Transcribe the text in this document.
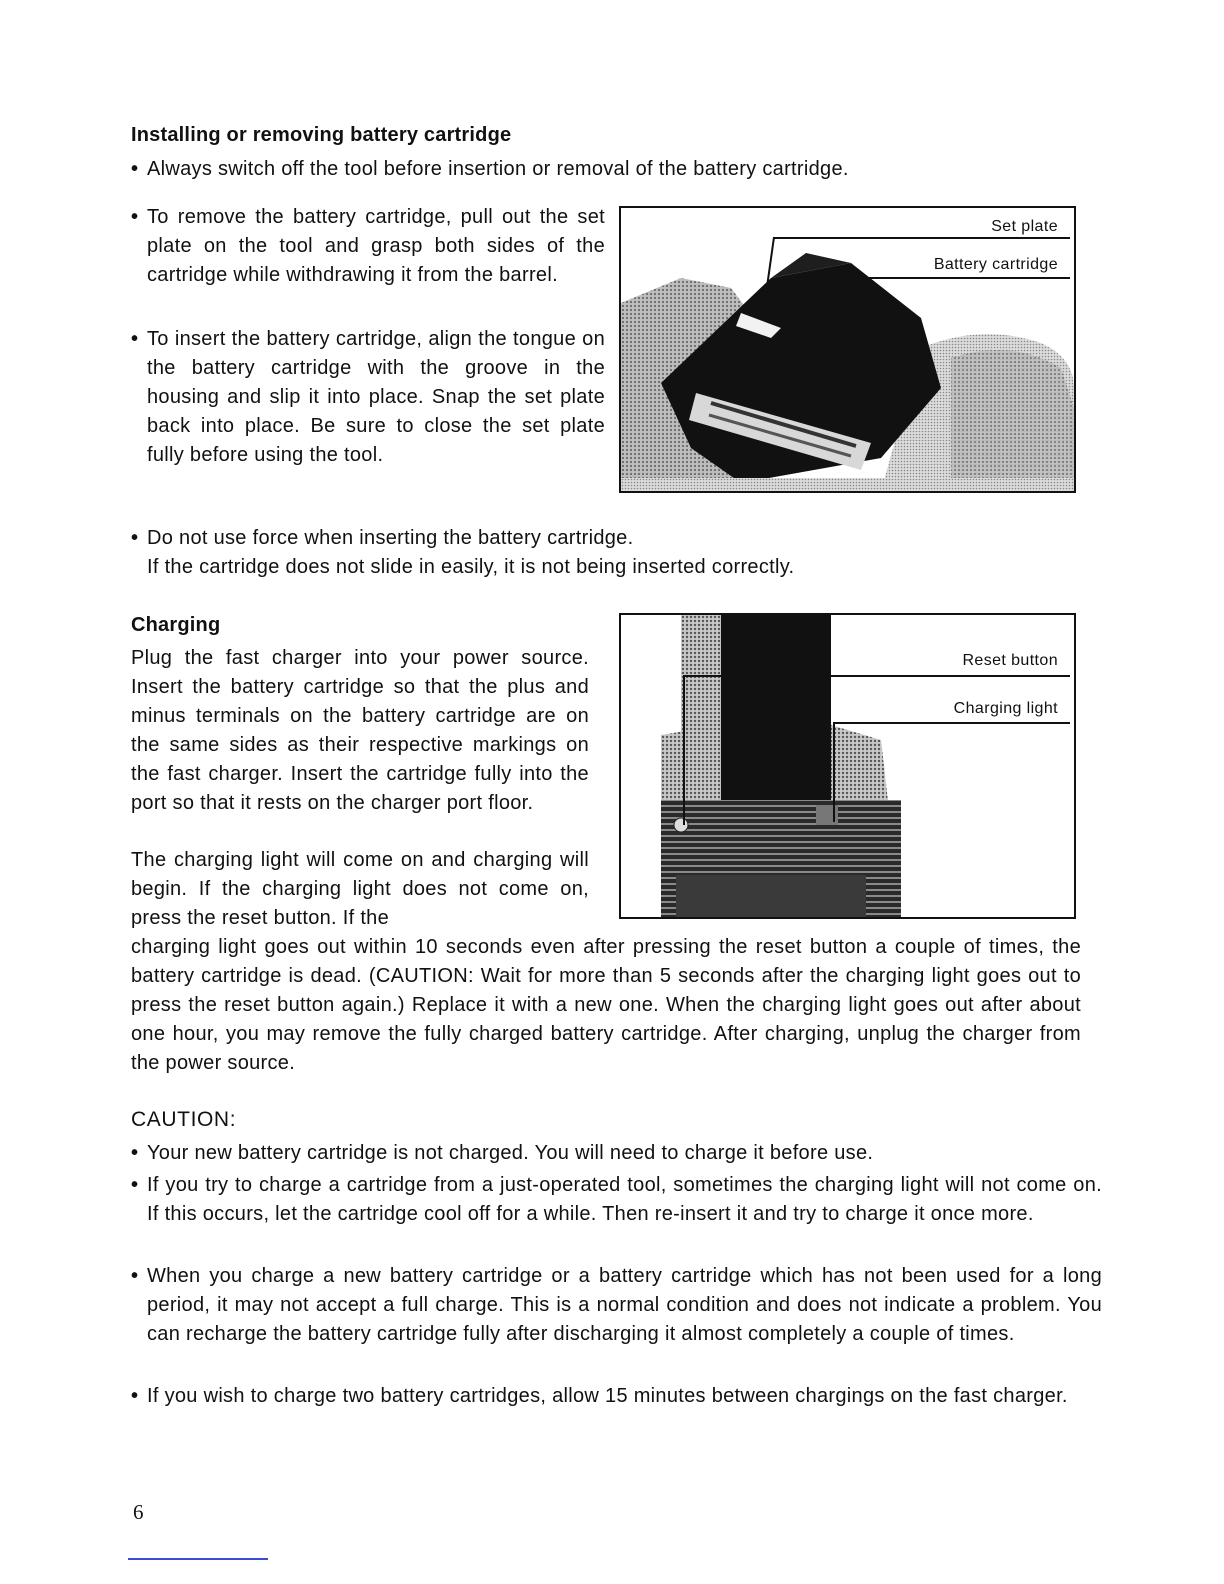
Installing or removing battery cartridge

• Always switch off the tool before insertion or removal of the battery cartridge.

• To remove the battery cartridge, pull out the set plate on the tool and grasp both sides of the cartridge while withdrawing it from the barrel.

• To insert the battery cartridge, align the tongue on the battery cartridge with the groove in the housing and slip it into place. Snap the set plate back into place. Be sure to close the set plate fully before using the tool.

Set plate
Battery cartridge

• Do not use force when inserting the battery cartridge.
If the cartridge does not slide in easily, it is not being inserted correctly.

Charging

Plug the fast charger into your power source. Insert the battery cartridge so that the plus and minus terminals on the battery cartridge are on the same sides as their respective markings on the fast charger. Insert the cartridge fully into the port so that it rests on the charger port floor.

The charging light will come on and charging will begin. If the charging light does not come on, press the reset button. If the

Reset button
Charging light

charging light goes out within 10 seconds even after pressing the reset button a couple of times, the battery cartridge is dead. (CAUTION: Wait for more than 5 seconds after the charging light goes out to press the reset button again.) Replace it with a new one. When the charging light goes out after about one hour, you may remove the fully charged battery cartridge. After charging, unplug the charger from the power source.

CAUTION:

• Your new battery cartridge is not charged. You will need to charge it before use.

• If you try to charge a cartridge from a just-operated tool, sometimes the charging light will not come on. If this occurs, let the cartridge cool off for a while. Then re-insert it and try to charge it once more.

• When you charge a new battery cartridge or a battery cartridge which has not been used for a long period, it may not accept a full charge. This is a normal condition and does not indicate a problem. You can recharge the battery cartridge fully after discharging it almost completely a couple of times.

• If you wish to charge two battery cartridges, allow 15 minutes between chargings on the fast charger.

6
